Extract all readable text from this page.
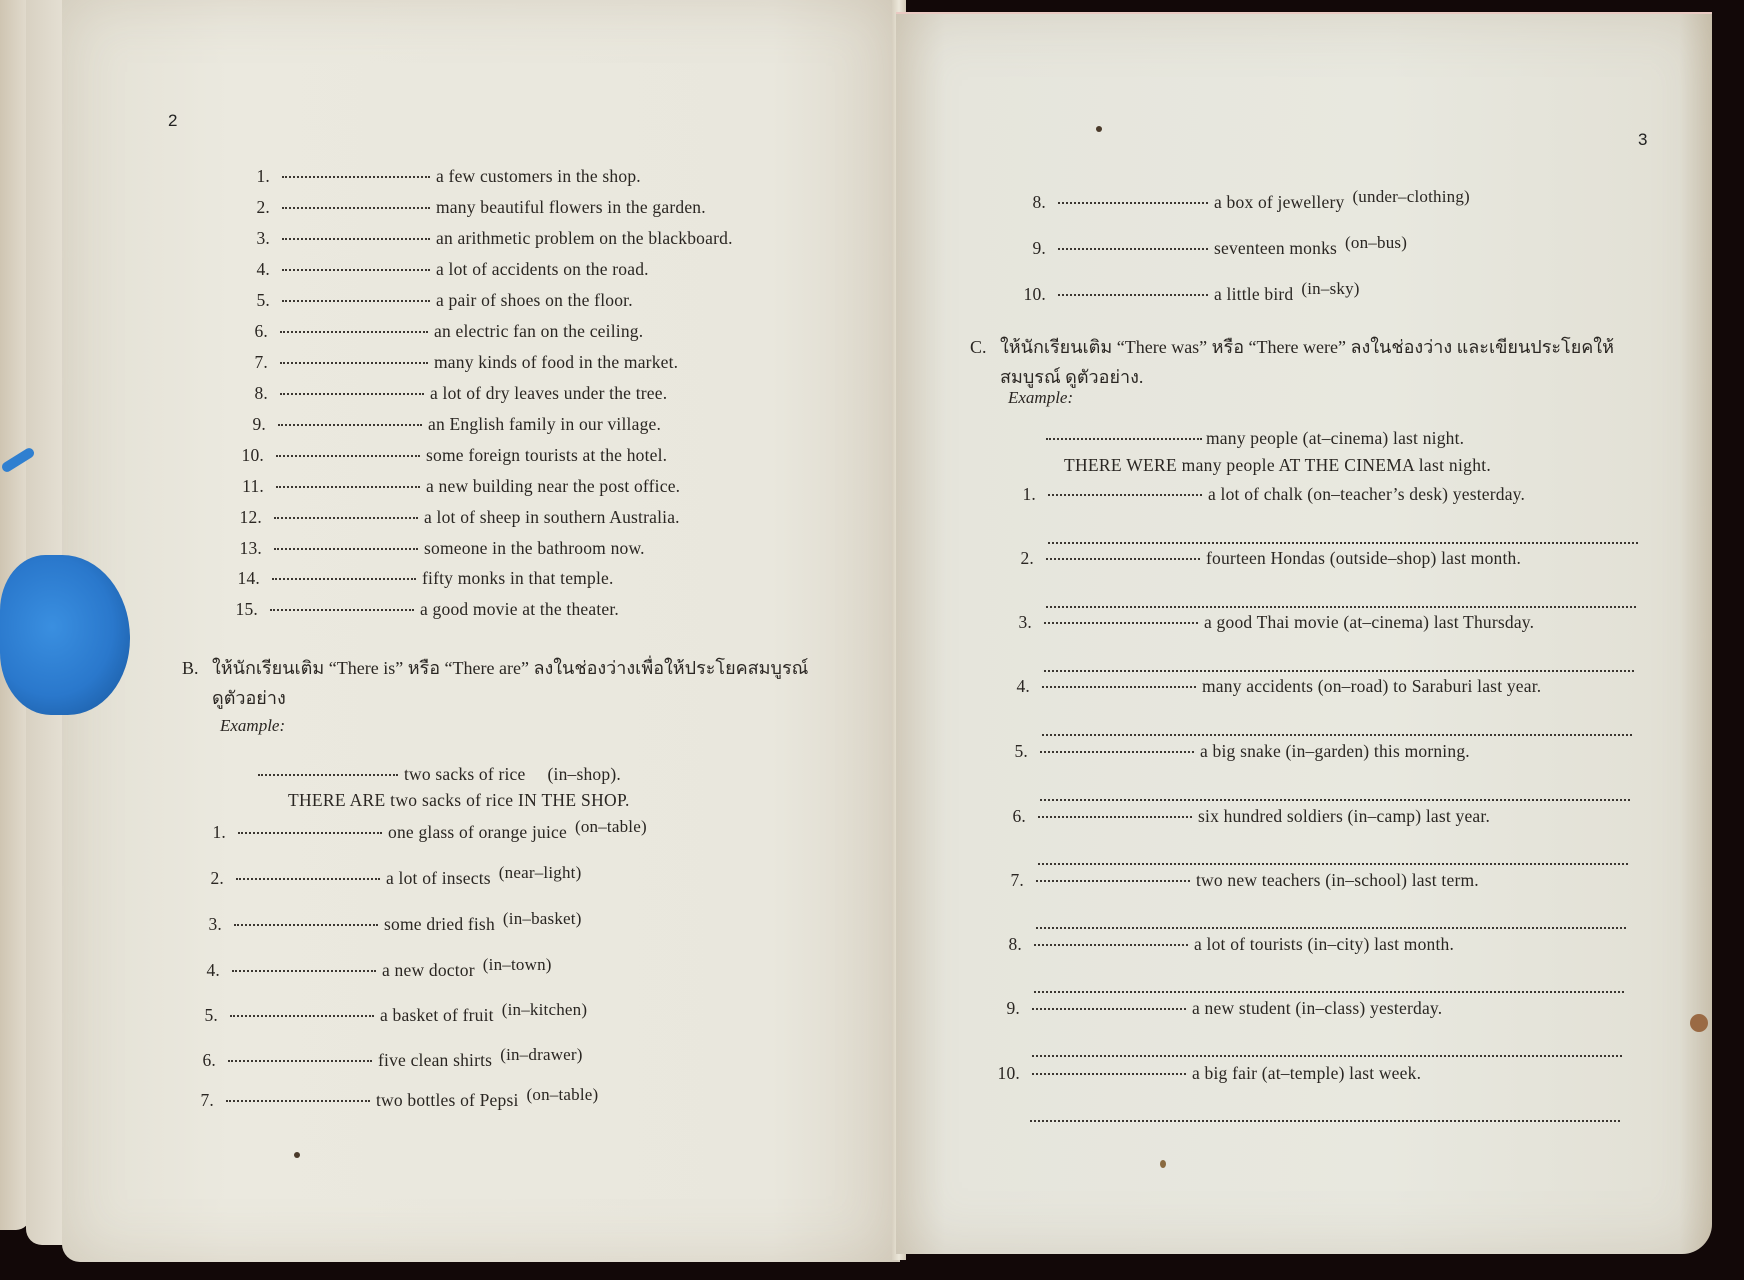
2
1.	a few customers in the shop.
2.	many beautiful flowers in the garden.
3.	an arithmetic problem on the blackboard.
4.	a lot of accidents on the road.
5.	a pair of shoes on the floor.
6.	an electric fan on the ceiling.
7.	many kinds of food in the market.
8.	a lot of dry leaves under the tree.
9.	an English family in our village.
10.	some foreign tourists at the hotel.
11.	a new building near the post office.
12.	a lot of sheep in southern Australia.
13.	someone in the bathroom now.
14.	fifty monks in that temple.
15.	a good movie at the theater.
B. ให้นักเรียนเติม “There is” หรือ “There are” ลงในช่องว่างเพื่อให้ประโยคสมบูรณ์
ดูตัวอย่าง
Example:
two sacks of rice (in–shop).
THERE ARE two sacks of rice IN THE SHOP.
1.	one glass of orange juice (on–table)
2.	a lot of insects (near–light)
3.	some dried fish (in–basket)
4.	a new doctor (in–town)
5.	a basket of fruit (in–kitchen)
6.	five clean shirts (in–drawer)
7.	two bottles of Pepsi (on–table)
3
8.	a box of jewellery (under–clothing)
9.	seventeen monks (on–bus)
10.	a little bird (in–sky)
C. ให้นักเรียนเติม “There was” หรือ “There were” ลงในช่องว่าง และเขียนประโยคให้
สมบูรณ์ ดูตัวอย่าง.
Example:
many people (at–cinema) last night.
THERE WERE many people AT THE CINEMA last night.
1.	a lot of chalk (on–teacher’s desk) yesterday.
2.	fourteen Hondas (outside–shop) last month.
3.	a good Thai movie (at–cinema) last Thursday.
4.	many accidents (on–road) to Saraburi last year.
5.	a big snake (in–garden) this morning.
6.	six hundred soldiers (in–camp) last year.
7.	two new teachers (in–school) last term.
8.	a lot of tourists (in–city) last month.
9.	a new student (in–class) yesterday.
10.	a big fair (at–temple) last week.
